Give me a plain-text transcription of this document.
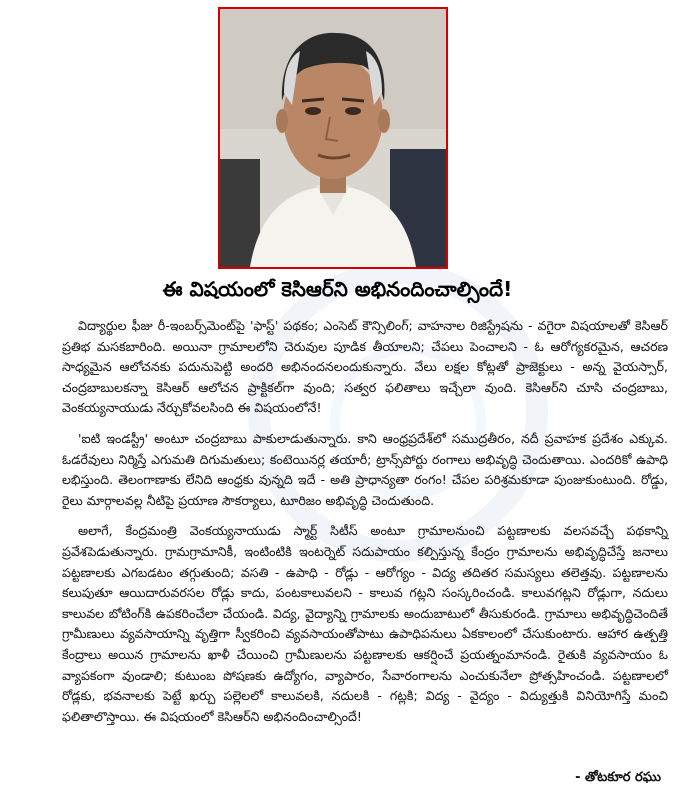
ఈ విషయంలో కెసిఆర్‌ని అభినందించాల్సిందే!

విద్యార్థుల ఫీజు రీ-ఇంబర్స్‌మెంట్‌పై 'ఫాస్ట్' పథకం; ఎంసెట్ కౌన్సిలింగ్; వాహనాల రిజిస్ట్రేషను - వగైరా విషయాలతో కెసిఆర్ ప్రతిభ మసకబారింది. అయినా గ్రామాలలోని చెరువుల పూడిక తీయాలని; చేపలు పెంచాలని - ఓ ఆరోగ్యకరమైన, ఆచరణ సాధ్యమైన ఆలోచనకు పదునుపెట్టి అందరి అభినందనలందుకున్నారు. వేలు లక్షల కోట్లతో ప్రాజెక్టులు - అన్న వైయస్సార్, చంద్రబాబులకన్నా కెసిఆర్ ఆలోచన ప్రాక్టికల్‌గా వుంది; సత్వర ఫలితాలు ఇచ్చేలా వుంది. కెసిఆర్‌ని చూసి చంద్రబాబు, వెంకయ్యనాయుడు నేర్చుకోవలసింది ఈ విషయంలోనే!

'ఐటి ఇండస్ట్రీ' అంటూ చంద్రబాబు పాకులాడుతున్నారు. కాని ఆంధ్రప్రదేశ్‌లో సముద్రతీరం, నదీ ప్రవాహక ప్రదేశం ఎక్కువ. ఓడరేవులు నిర్మిస్తే ఎగుమతి దిగుమతులు; కంటెయినర్ల తయారీ; ట్రాన్స్‌పోర్టు రంగాలు అభివృద్ధి చెందుతాయి. ఎందరికో ఉపాధి లభిస్తుంది. తెలంగాణాకు లేనిది ఆంధ్రకు వున్నది ఇదే - అతి ప్రాధాన్యతా రంగం! చేపల పరిశ్రమకూడా పుంజుకుంటుంది. రోడ్డు, రైలు మార్గాలవల్ల నీటిపై ప్రయాణ సౌకర్యాలు, టూరిజం అభివృద్ధి చెందుతుంది.

అలాగే, కేంద్రమంత్రి వెంకయ్యనాయుడు స్మార్ట్ సిటీస్ అంటూ గ్రామాలనుంచి పట్టణాలకు వలసవచ్చే పథకాన్ని ప్రవేశపెడుతున్నారు. గ్రామగ్రామానికీ, ఇంటింటికి ఇంటర్నెట్ సదుపాయం కల్పిస్తున్న కేంద్రం గ్రామాలను అభివృద్ధిచేస్తే జనాలు పట్టణాలకు ఎగబడటం తగ్గుతుంది; వసతి - ఉపాధి - రోడ్లు - ఆరోగ్యం - విద్య తదితర సమస్యలు తలెత్తవు. పట్టణాలను కలుపుతూ ఆయిదారువరసల రోడ్లు కాదు, పంటకాలువలని - కాలువ గట్లని సంస్కరించండి. కాలువగట్లని రోడ్లుగా, నదులు కాలువల బోటింగ్‌కి ఉపకరించేలా చేయండి. విద్య, వైద్యాన్ని గ్రామాలకు అందుబాటులో తీసుకురండి. గ్రామాలు అభివృద్ధిచెందితే గ్రామీణులు వ్యవసాయాన్ని వృత్తిగా స్వీకరించి వ్యవసాయంతోపాటు ఉపాధిపనులు ఏకకాలంలో చేసుకుంటారు. ఆహార ఉత్పత్తి కేంద్రాలు అయిన గ్రామాలను ఖాళీ చేయించి గ్రామీణులను పట్టణాలకు ఆకర్షించే ప్రయత్నంమానండి. రైతుకి వ్యవసాయం ఓ వ్యాపకంగా వుండాలి; కుటుంబ పోషణకు ఉద్యోగం, వ్యాపారం, సేవారంగాలను ఎంచుకునేలా ప్రోత్సహించండి. పట్టణాలలో రోడ్లకు, భవనాలకు పెట్టే ఖర్చు పల్లెలలో కాలువలకి, నదులకి - గట్లకి; విద్య - వైద్యం - విద్యుత్తుకి వినియోగిస్తే మంచి ఫలితాలొస్తాయి. ఈ విషయంలో కెసిఆర్‌ని అభినందించాల్సిందే!

- తోటకూర రఘు
